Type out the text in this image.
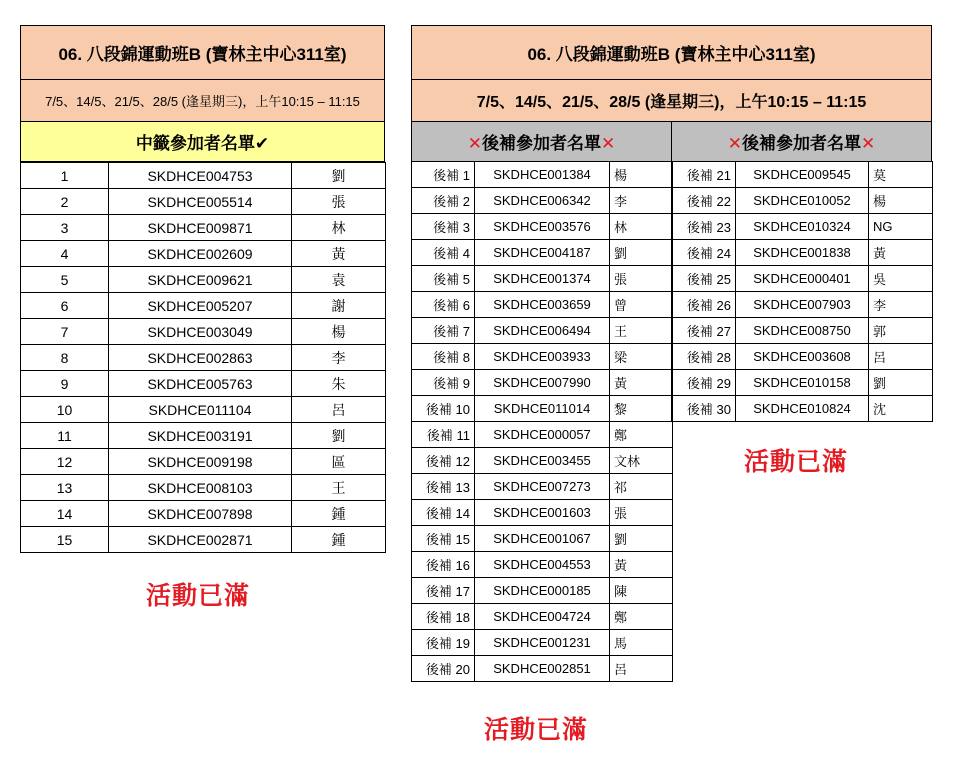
06. 八段錦運動班B (寶林主中心311室)
7/5、14/5、21/5、28/5 (逢星期三)，上午10:15 – 11:15
中籤參加者名單✔
1	SKDHCE004753	劉
2	SKDHCE005514	張
3	SKDHCE009871	林
4	SKDHCE002609	黃
5	SKDHCE009621	袁
6	SKDHCE005207	謝
7	SKDHCE003049	楊
8	SKDHCE002863	李
9	SKDHCE005763	朱
10	SKDHCE011104	呂
11	SKDHCE003191	劉
12	SKDHCE009198	區
13	SKDHCE008103	王
14	SKDHCE007898	鍾
15	SKDHCE002871	鍾
活動已滿
06. 八段錦運動班B (寶林主中心311室)
7/5、14/5、21/5、28/5 (逢星期三)，上午10:15 – 11:15
✕後補參加者名單✕	✕後補參加者名單✕
後補 1	SKDHCE001384	楊
後補 2	SKDHCE006342	李
後補 3	SKDHCE003576	林
後補 4	SKDHCE004187	劉
後補 5	SKDHCE001374	張
後補 6	SKDHCE003659	曾
後補 7	SKDHCE006494	王
後補 8	SKDHCE003933	梁
後補 9	SKDHCE007990	黃
後補 10	SKDHCE011014	黎
後補 11	SKDHCE000057	鄭
後補 12	SKDHCE003455	文林
後補 13	SKDHCE007273	祁
後補 14	SKDHCE001603	張
後補 15	SKDHCE001067	劉
後補 16	SKDHCE004553	黃
後補 17	SKDHCE000185	陳
後補 18	SKDHCE004724	鄭
後補 19	SKDHCE001231	馬
後補 20	SKDHCE002851	呂
後補 21	SKDHCE009545	莫
後補 22	SKDHCE010052	楊
後補 23	SKDHCE010324	NG
後補 24	SKDHCE001838	黃
後補 25	SKDHCE000401	吳
後補 26	SKDHCE007903	李
後補 27	SKDHCE008750	郭
後補 28	SKDHCE003608	呂
後補 29	SKDHCE010158	劉
後補 30	SKDHCE010824	沈
活動已滿
活動已滿
